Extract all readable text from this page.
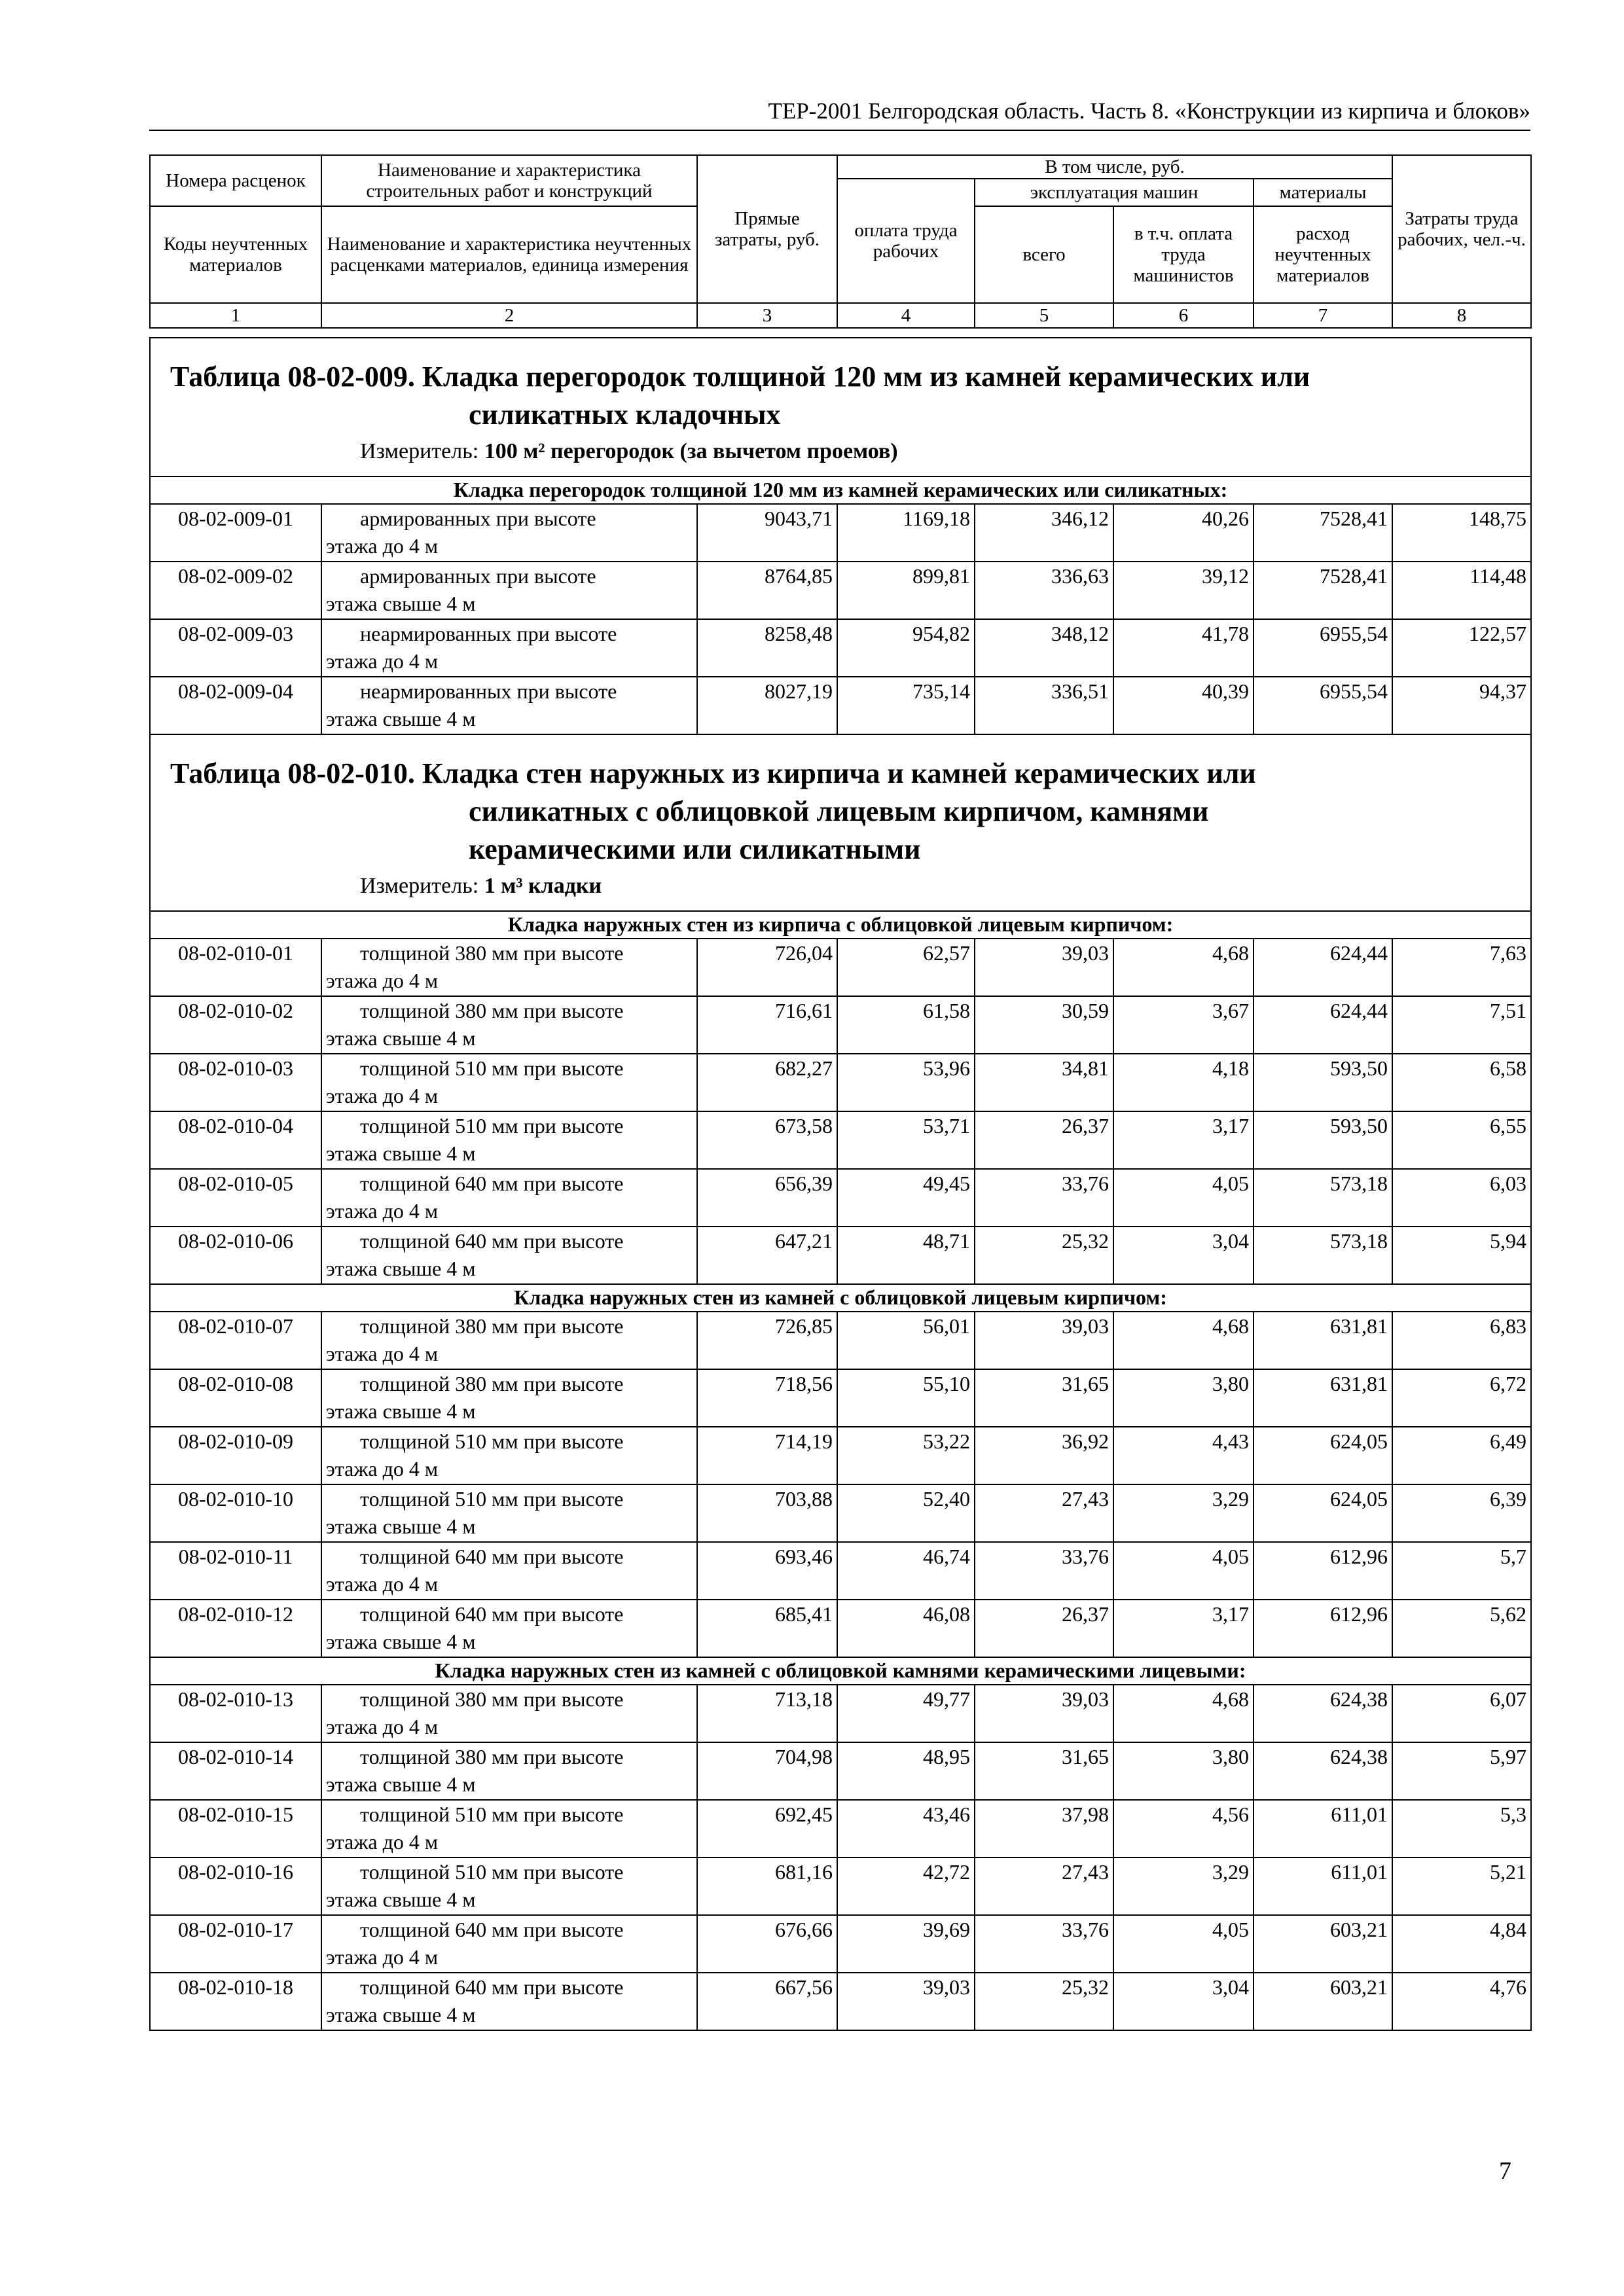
ТЕР-2001 Белгородская область. Часть 8. «Конструкции из кирпича и блоков»
Номера расценок	Наименование и характеристика строительных работ и конструкций	Прямые затраты, руб.	В том числе, руб.				Затраты труда рабочих, чел.-ч.
			оплата труда рабочих	эксплуатация машин		материалы	
Коды неучтенных материалов	Наименование и характеристика неучтенных расценками материалов, единица измерения			всего	в т.ч. оплата труда машинистов	расход неучтенных материалов	

1	2	3	4	5	6	7	8
Таблица 08-02-009. Кладка перегородок толщиной 120 мм из камней керамических или
силикатных кладочных
Измеритель: 100 м² перегородок (за вычетом проемов)							

Кладка перегородок толщиной 120 мм из камней керамических или силикатных:							
08-02-009-01	армированных при высоте
этажа до 4 м	9043,71	1169,18	346,12	40,26	7528,41	148,75
08-02-009-02	армированных при высоте
этажа свыше 4 м	8764,85	899,81	336,63	39,12	7528,41	114,48
08-02-009-03	неармированных при высоте
этажа до 4 м	8258,48	954,82	348,12	41,78	6955,54	122,57
08-02-009-04	неармированных при высоте
этажа свыше 4 м	8027,19	735,14	336,51	40,39	6955,54	94,37

Таблица 08-02-010. Кладка стен наружных из кирпича и камней керамических или
силикатных с облицовкой лицевым кирпичом, камнями
керамическими или силикатными
Измеритель: 1 м³ кладки							

Кладка наружных стен из кирпича с облицовкой лицевым кирпичом:							
08-02-010-01	толщиной 380 мм при высоте
этажа до 4 м	726,04	62,57	39,03	4,68	624,44	7,63
08-02-010-02	толщиной 380 мм при высоте
этажа свыше 4 м	716,61	61,58	30,59	3,67	624,44	7,51
08-02-010-03	толщиной 510 мм при высоте
этажа до 4 м	682,27	53,96	34,81	4,18	593,50	6,58
08-02-010-04	толщиной 510 мм при высоте
этажа свыше 4 м	673,58	53,71	26,37	3,17	593,50	6,55
08-02-010-05	толщиной 640 мм при высоте
этажа до 4 м	656,39	49,45	33,76	4,05	573,18	6,03
08-02-010-06	толщиной 640 мм при высоте
этажа свыше 4 м	647,21	48,71	25,32	3,04	573,18	5,94
Кладка наружных стен из камней с облицовкой лицевым кирпичом:							
08-02-010-07	толщиной 380 мм при высоте
этажа до 4 м	726,85	56,01	39,03	4,68	631,81	6,83
08-02-010-08	толщиной 380 мм при высоте
этажа свыше 4 м	718,56	55,10	31,65	3,80	631,81	6,72
08-02-010-09	толщиной 510 мм при высоте
этажа до 4 м	714,19	53,22	36,92	4,43	624,05	6,49
08-02-010-10	толщиной 510 мм при высоте
этажа свыше 4 м	703,88	52,40	27,43	3,29	624,05	6,39
08-02-010-11	толщиной 640 мм при высоте
этажа до 4 м	693,46	46,74	33,76	4,05	612,96	5,7
08-02-010-12	толщиной 640 мм при высоте
этажа свыше 4 м	685,41	46,08	26,37	3,17	612,96	5,62
Кладка наружных стен из камней с облицовкой камнями керамическими лицевыми:							
08-02-010-13	толщиной 380 мм при высоте
этажа до 4 м	713,18	49,77	39,03	4,68	624,38	6,07
08-02-010-14	толщиной 380 мм при высоте
этажа свыше 4 м	704,98	48,95	31,65	3,80	624,38	5,97
08-02-010-15	толщиной 510 мм при высоте
этажа до 4 м	692,45	43,46	37,98	4,56	611,01	5,3
08-02-010-16	толщиной 510 мм при высоте
этажа свыше 4 м	681,16	42,72	27,43	3,29	611,01	5,21
08-02-010-17	толщиной 640 мм при высоте
этажа до 4 м	676,66	39,69	33,76	4,05	603,21	4,84
08-02-010-18	толщиной 640 мм при высоте
этажа свыше 4 м	667,56	39,03	25,32	3,04	603,21	4,76
7
